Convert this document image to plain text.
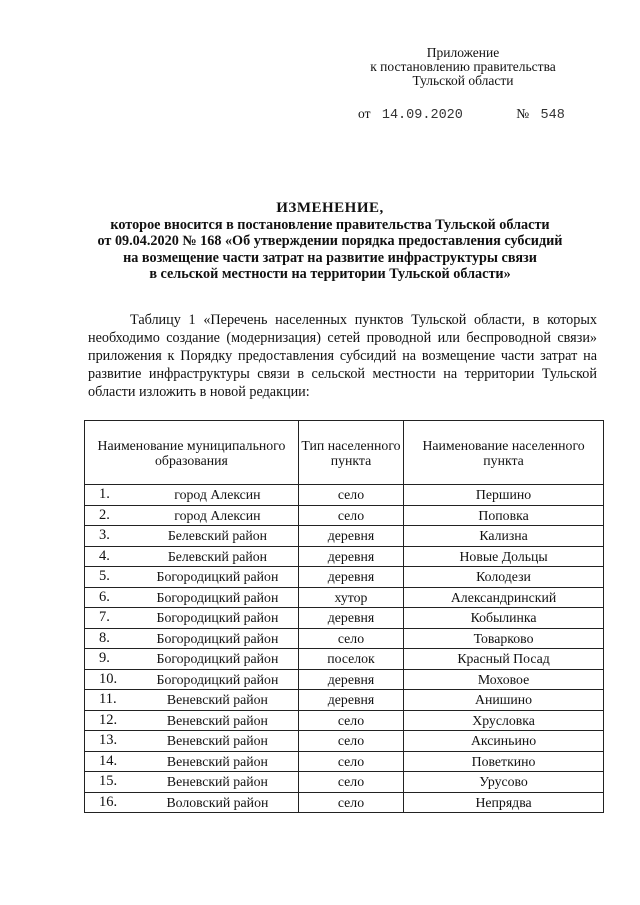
Приложение
к постановлению правительства
Тульской области
от 14.09.2020	№ 548
ИЗМЕНЕНИЕ,
которое вносится в постановление правительства Тульской области
от 09.04.2020 № 168 «Об утверждении порядка предоставления субсидий
на возмещение части затрат на развитие инфраструктуры связи
в сельской местности на территории Тульской области»
Таблицу 1 «Перечень населенных пунктов Тульской области, в которых необходимо создание (модернизация) сетей проводной или беспроводной связи» приложения к Порядку предоставления субсидий на возмещение части затрат на развитие инфраструктуры связи в сельской местности на территории Тульской области изложить в новой редакции:
Наименование муниципального образования	Тип населенного пункта	Наименование населенного пункта

1. город Алексин	село	Першино

2. город Алексин	село	Поповка

3. Белевский район	деревня	Кализна

4. Белевский район	деревня	Новые Дольцы

5. Богородицкий район	деревня	Колодези

6. Богородицкий район	хутор	Александринский

7. Богородицкий район	деревня	Кобылинка

8. Богородицкий район	село	Товарково

9. Богородицкий район	поселок	Красный Посад

10. Богородицкий район	деревня	Моховое

11. Веневский район	деревня	Анишино

12. Веневский район	село	Хрусловка

13. Веневский район	село	Аксиньино

14. Веневский район	село	Поветкино

15. Веневский район	село	Урусово

16. Воловский район	село	Непрядва
